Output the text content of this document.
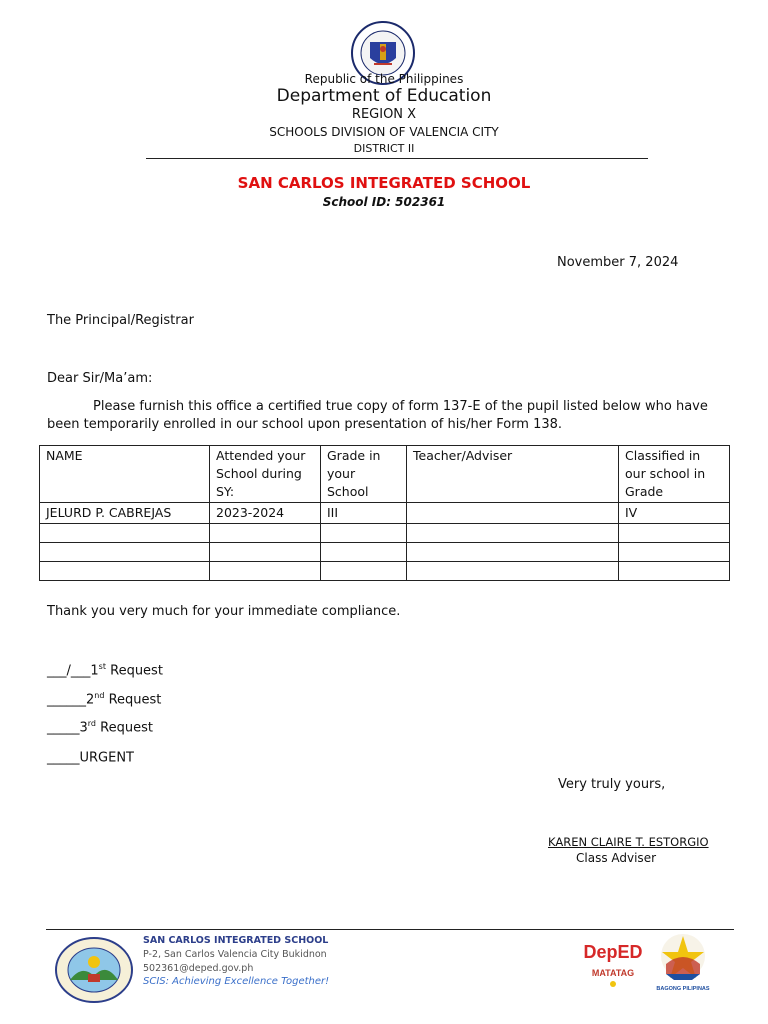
Republic of the Philippines
Department of Education
REGION X
SCHOOLS DIVISION OF VALENCIA CITY
DISTRICT II
SAN CARLOS INTEGRATED SCHOOL
School ID: 502361
November 7, 2024
The Principal/Registrar
Dear Sir/Ma’am:
Please furnish this office a certified true copy of form 137-E of the pupil listed below who have been temporarily enrolled in our school upon presentation of his/her Form 138.
NAME	Attended your School during SY:	Grade in your School	Teacher/Adviser	Classified in our school in Grade
JELURD P. CABREJAS	2023-2024	III		IV

Thank you very much for your immediate compliance.
___/___1st Request
______2nd Request
_____3rd Request
_____URGENT
Very truly yours,
KAREN CLAIRE T. ESTORGIO
Class Adviser
SAN CARLOS INTEGRATED SCHOOL
P-2, San Carlos Valencia City Bukidnon
502361@deped.gov.ph
SCIS: Achieving Excellence Together!
DepED
MATATAG
BAGONG PILIPINAS
